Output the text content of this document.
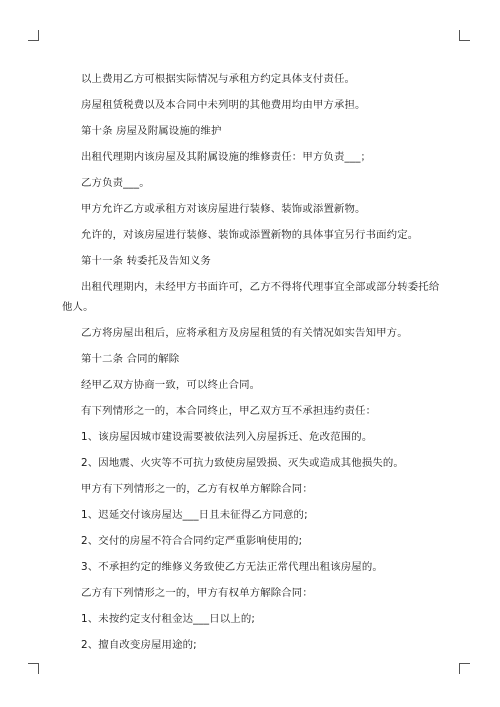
以上费用乙方可根据实际情况与承租方约定具体支付责任。

房屋租赁税费以及本合同中未列明的其他费用均由甲方承担。

第十条 房屋及附属设施的维护

出租代理期内该房屋及其附属设施的维修责任：甲方负责___；

乙方负责___。

甲方允许乙方或承租方对该房屋进行装修、装饰或添置新物。

允许的，对该房屋进行装修、装饰或添置新物的具体事宜另行书面约定。

第十一条 转委托及告知义务

出租代理期内，未经甲方书面许可，乙方不得将代理事宜全部或部分转委托给他人。

乙方将房屋出租后，应将承租方及房屋租赁的有关情况如实告知甲方。

第十二条 合同的解除

经甲乙双方协商一致，可以终止合同。

有下列情形之一的，本合同终止，甲乙双方互不承担违约责任：

1、该房屋因城市建设需要被依法列入房屋拆迁、危改范围的。

2、因地震、火灾等不可抗力致使房屋毁损、灭失或造成其他损失的。

甲方有下列情形之一的，乙方有权单方解除合同：

1、迟延交付该房屋达___日且未征得乙方同意的;

2、交付的房屋不符合合同约定严重影响使用的;

3、不承担约定的维修义务致使乙方无法正常代理出租该房屋的。

乙方有下列情形之一的，甲方有权单方解除合同：

1、未按约定支付租金达___日以上的;

2、擅自改变房屋用途的;
